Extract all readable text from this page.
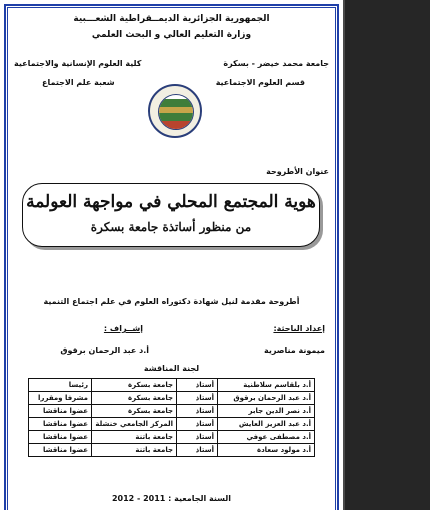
الجمهورية الجزائرية الديمــقراطية الشعـــبية
وزارة التعليم العالي و البحث العلمي
جامعة محمد خيضر - بسكرة
كلية العلوم الإنسانية والاجتماعية
قسم العلوم الاجتماعية
شعبة علم الاجتماع
عنوان الأطروحة
هوية المجتمع المحلي في مواجهة العولمة
من منظور أساتذة جامعة بسكرة
أطروحة مقدمة لنيل شهادة دكتوراه العلوم في علم اجتماع التنمية
إعداد الباحثة:
إشــراف :
ميمونة مناصرية
أ.د عبد الرحمان برقوق
لجنة المناقشة
أ.د بلقاسم سلاطنية	أستاذ	جامعة بسكرة	رئيسا
أ.د عبد الرحمان برقوق	أستاذ	جامعة بسكرة	مشرفا ومقررا
أ.د نصر الدين جابر	أستاذ	جامعة بسكرة	عضوا مناقشا
أ.د عبد العزيز العايش	أستاذ	المركز الجامعي خنشلة	عضوا مناقشا
أ.د مصطفى عوفي	أستاذ	جامعة باتنة	عضوا مناقشا
أ.د مولود سعادة	أستاذ	جامعة باتنة	عضوا مناقشا
السنة الجامعية : 2011 - 2012
